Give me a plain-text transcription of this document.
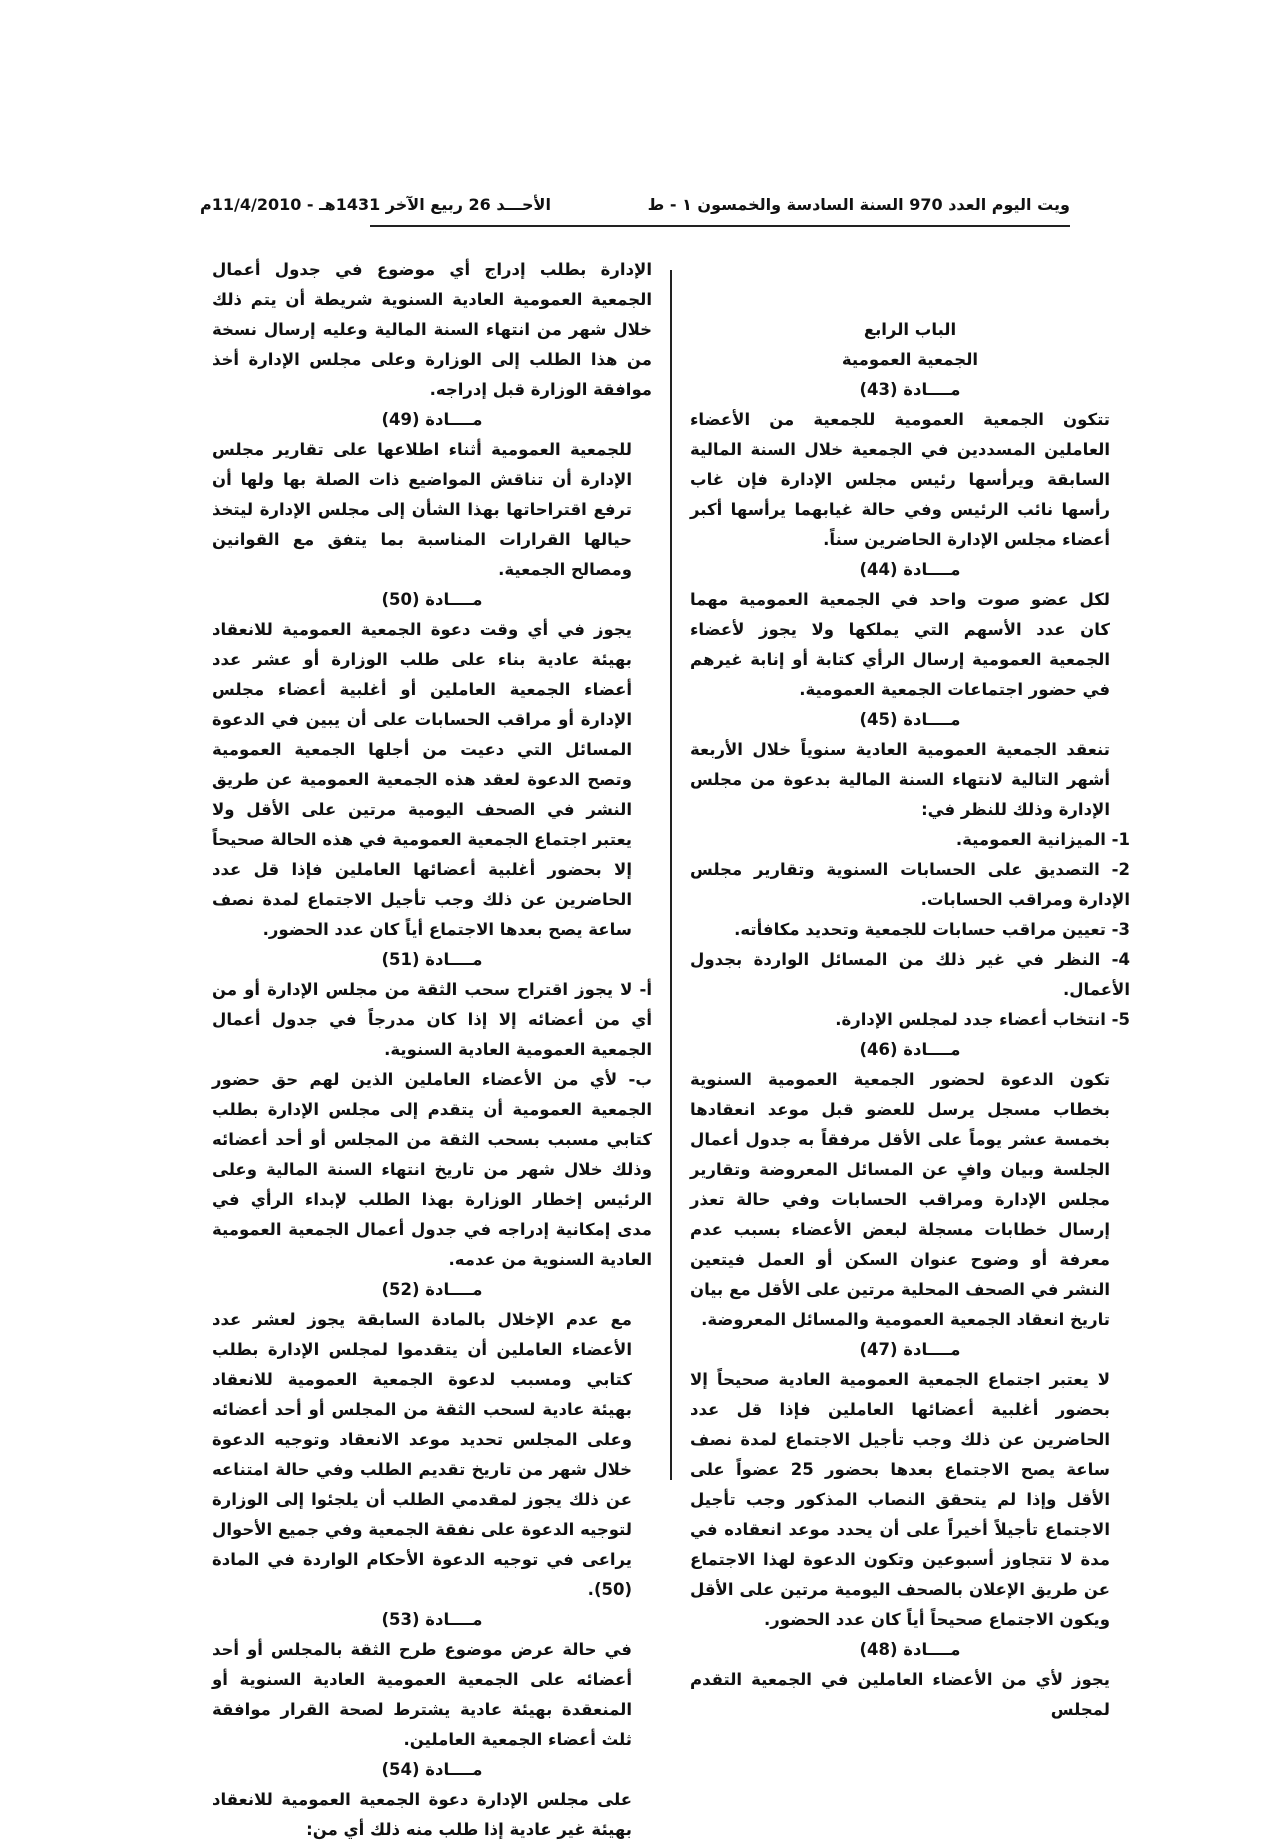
الأحـــد 26 ربيع الآخر 1431هـ - 11/4/2010م	ويت اليوم العدد 970 السنة السادسة والخمسون ١ - ط

الباب الرابع

الجمعية العمومية

مــــادة (43)

تتكون الجمعية العمومية للجمعية من الأعضاء العاملين المسددين في الجمعية خلال السنة المالية السابقة ويرأسها رئيس مجلس الإدارة فإن غاب رأسها نائب الرئيس وفي حالة غيابهما يرأسها أكبر أعضاء مجلس الإدارة الحاضرين سناً.

مــــادة (44)

لكل عضو صوت واحد في الجمعية العمومية مهما كان عدد الأسهم التي يملكها ولا يجوز لأعضاء الجمعية العمومية إرسال الرأي كتابة أو إنابة غيرهم في حضور اجتماعات الجمعية العمومية.

مــــادة (45)

تنعقد الجمعية العمومية العادية سنوياً خلال الأربعة أشهر التالية لانتهاء السنة المالية بدعوة من مجلس الإدارة وذلك للنظر في:

1- الميزانية العمومية.
2- التصديق على الحسابات السنوية وتقارير مجلس الإدارة ومراقب الحسابات.
3- تعيين مراقب حسابات للجمعية وتحديد مكافأته.
4- النظر في غير ذلك من المسائل الواردة بجدول الأعمال.
5- انتخاب أعضاء جدد لمجلس الإدارة.

مــــادة (46)

تكون الدعوة لحضور الجمعية العمومية السنوية بخطاب مسجل يرسل للعضو قبل موعد انعقادها بخمسة عشر يوماً على الأقل مرفقاً به جدول أعمال الجلسة وبيان وافٍ عن المسائل المعروضة وتقارير مجلس الإدارة ومراقب الحسابات وفي حالة تعذر إرسال خطابات مسجلة لبعض الأعضاء بسبب عدم معرفة أو وضوح عنوان السكن أو العمل فيتعين النشر في الصحف المحلية مرتين على الأقل مع بيان تاريخ انعقاد الجمعية العمومية والمسائل المعروضة.

مــــادة (47)

لا يعتبر اجتماع الجمعية العمومية العادية صحيحاً إلا بحضور أغلبية أعضائها العاملين فإذا قل عدد الحاضرين عن ذلك وجب تأجيل الاجتماع لمدة نصف ساعة يصح الاجتماع بعدها بحضور 25 عضواً على الأقل وإذا لم يتحقق النصاب المذكور وجب تأجيل الاجتماع تأجيلاً أخيراً على أن يحدد موعد انعقاده في مدة لا تتجاوز أسبوعين وتكون الدعوة لهذا الاجتماع عن طريق الإعلان بالصحف اليومية مرتين على الأقل ويكون الاجتماع صحيحاً أياً كان عدد الحضور.

مــــادة (48)

يجوز لأي من الأعضاء العاملين في الجمعية التقدم لمجلس

الإدارة بطلب إدراج أي موضوع في جدول أعمال الجمعية العمومية العادية السنوية شريطة أن يتم ذلك خلال شهر من انتهاء السنة المالية وعليه إرسال نسخة من هذا الطلب إلى الوزارة وعلى مجلس الإدارة أخذ موافقة الوزارة قبل إدراجه.

مــــادة (49)

للجمعية العمومية أثناء اطلاعها على تقارير مجلس الإدارة أن تناقش المواضيع ذات الصلة بها ولها أن ترفع اقتراحاتها بهذا الشأن إلى مجلس الإدارة ليتخذ حيالها القرارات المناسبة بما يتفق مع القوانين ومصالح الجمعية.

مــــادة (50)

يجوز في أي وقت دعوة الجمعية العمومية للانعقاد بهيئة عادية بناء على طلب الوزارة أو عشر عدد أعضاء الجمعية العاملين أو أغلبية أعضاء مجلس الإدارة أو مراقب الحسابات على أن يبين في الدعوة المسائل التي دعيت من أجلها الجمعية العمومية وتصح الدعوة لعقد هذه الجمعية العمومية عن طريق النشر في الصحف اليومية مرتين على الأقل ولا يعتبر اجتماع الجمعية العمومية في هذه الحالة صحيحاً إلا بحضور أغلبية أعضائها العاملين فإذا قل عدد الحاضرين عن ذلك وجب تأجيل الاجتماع لمدة نصف ساعة يصح بعدها الاجتماع أياً كان عدد الحضور.

مــــادة (51)

أ- لا يجوز اقتراح سحب الثقة من مجلس الإدارة أو من أي من أعضائه إلا إذا كان مدرجاً في جدول أعمال الجمعية العمومية العادية السنوية.

ب- لأي من الأعضاء العاملين الذين لهم حق حضور الجمعية العمومية أن يتقدم إلى مجلس الإدارة بطلب كتابي مسبب بسحب الثقة من المجلس أو أحد أعضائه وذلك خلال شهر من تاريخ انتهاء السنة المالية وعلى الرئيس إخطار الوزارة بهذا الطلب لإبداء الرأي في مدى إمكانية إدراجه في جدول أعمال الجمعية العمومية العادية السنوية من عدمه.

مــــادة (52)

مع عدم الإخلال بالمادة السابقة يجوز لعشر عدد الأعضاء العاملين أن يتقدموا لمجلس الإدارة بطلب كتابي ومسبب لدعوة الجمعية العمومية للانعقاد بهيئة عادية لسحب الثقة من المجلس أو أحد أعضائه وعلى المجلس تحديد موعد الانعقاد وتوجيه الدعوة خلال شهر من تاريخ تقديم الطلب وفي حالة امتناعه عن ذلك يجوز لمقدمي الطلب أن يلجئوا إلى الوزارة لتوجيه الدعوة على نفقة الجمعية وفي جميع الأحوال يراعى في توجيه الدعوة الأحكام الواردة في المادة (50).

مــــادة (53)

في حالة عرض موضوع طرح الثقة بالمجلس أو أحد أعضائه على الجمعية العمومية العادية السنوية أو المنعقدة بهيئة عادية يشترط لصحة القرار موافقة ثلث أعضاء الجمعية العاملين.

مــــادة (54)

على مجلس الإدارة دعوة الجمعية العمومية للانعقاد بهيئة غير عادية إذا طلب منه ذلك أي من:
